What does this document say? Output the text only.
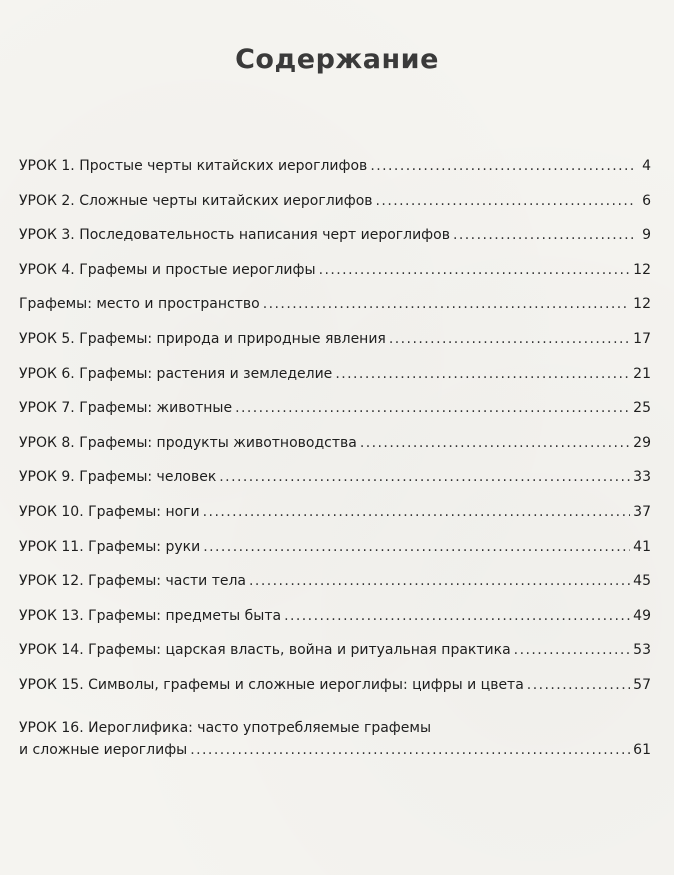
Содержание
УРОК 1. Простые черты китайских иероглифов . . .	4
УРОК 2. Сложные черты китайских иероглифов . . .	6
УРОК 3. Последовательность написания черт иероглифов . . .	9
УРОК 4. Графемы и простые иероглифы . . .	12
Графемы: место и пространство . . .	12
УРОК 5. Графемы: природа и природные явления . . .	17
УРОК 6. Графемы: растения и земледелие . . .	21
УРОК 7. Графемы: животные . . .	25
УРОК 8. Графемы: продукты животноводства . . .	29
УРОК 9. Графемы: человек . . .	33
УРОК 10. Графемы: ноги . . .	37
УРОК 11. Графемы: руки . . .	41
УРОК 12. Графемы: части тела . . .	45
УРОК 13. Графемы: предметы быта . . .	49
УРОК 14. Графемы: царская власть, война и ритуальная практика . . .	53
УРОК 15. Символы, графемы и сложные иероглифы: цифры и цвета . . .	57
УРОК 16. Иероглифика: часто употребляемые графемы
и сложные иероглифы . . .	61
